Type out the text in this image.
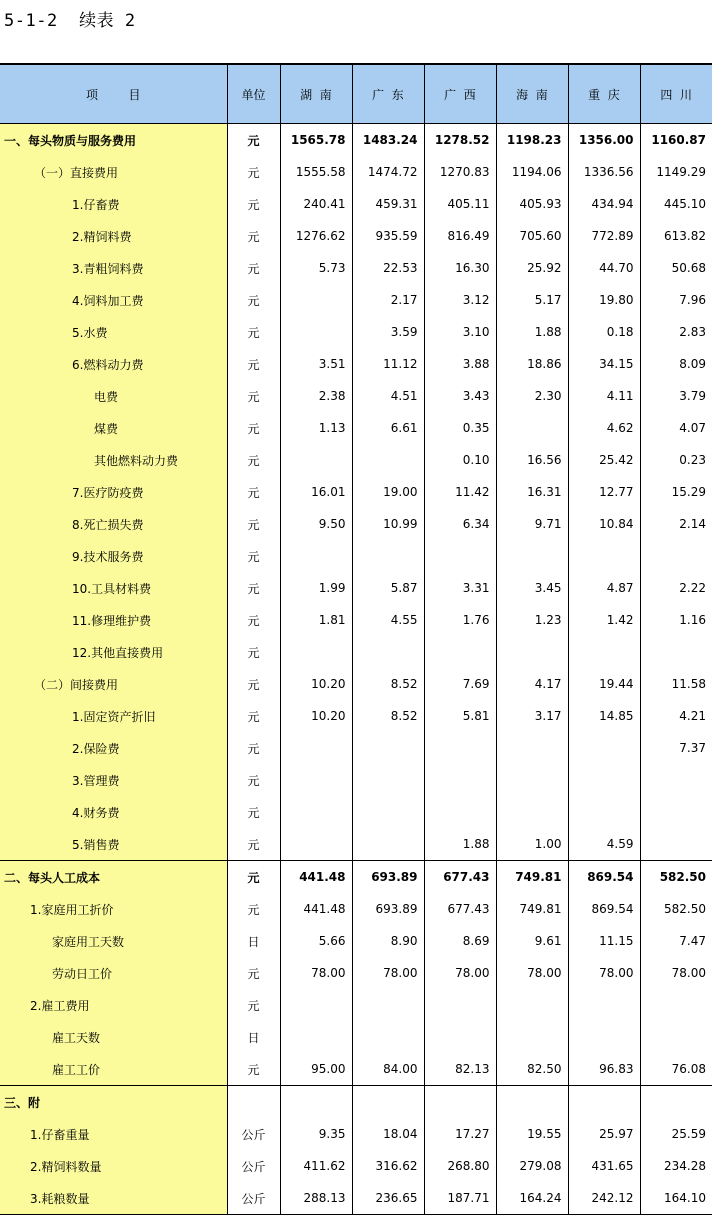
5-1-2  续表 2
项        目	单位	湖  南	广  东	广  西	海  南	重  庆	四  川
一、每头物质与服务费用	元	1565.78	1483.24	1278.52	1198.23	1356.00	1160.87
（一）直接费用	元	1555.58	1474.72	1270.83	1194.06	1336.56	1149.29
1.仔畜费	元	240.41	459.31	405.11	405.93	434.94	445.10
2.精饲料费	元	1276.62	935.59	816.49	705.60	772.89	613.82
3.青粗饲料费	元	5.73	22.53	16.30	25.92	44.70	50.68
4.饲料加工费	元		2.17	3.12	5.17	19.80	7.96
5.水费	元		3.59	3.10	1.88	0.18	2.83
6.燃料动力费	元	3.51	11.12	3.88	18.86	34.15	8.09
电费	元	2.38	4.51	3.43	2.30	4.11	3.79
煤费	元	1.13	6.61	0.35		4.62	4.07
其他燃料动力费	元			0.10	16.56	25.42	0.23
7.医疗防疫费	元	16.01	19.00	11.42	16.31	12.77	15.29
8.死亡损失费	元	9.50	10.99	6.34	9.71	10.84	2.14
9.技术服务费	元						
10.工具材料费	元	1.99	5.87	3.31	3.45	4.87	2.22
11.修理维护费	元	1.81	4.55	1.76	1.23	1.42	1.16
12.其他直接费用	元						
（二）间接费用	元	10.20	8.52	7.69	4.17	19.44	11.58
1.固定资产折旧	元	10.20	8.52	5.81	3.17	14.85	4.21
2.保险费	元						7.37
3.管理费	元						
4.财务费	元						
5.销售费	元			1.88	1.00	4.59	
二、每头人工成本	元	441.48	693.89	677.43	749.81	869.54	582.50
1.家庭用工折价	元	441.48	693.89	677.43	749.81	869.54	582.50
家庭用工天数	日	5.66	8.90	8.69	9.61	11.15	7.47
劳动日工价	元	78.00	78.00	78.00	78.00	78.00	78.00
2.雇工费用	元						
雇工天数	日						
雇工工价	元	95.00	84.00	82.13	82.50	96.83	76.08
三、附							
1.仔畜重量	公斤	9.35	18.04	17.27	19.55	25.97	25.59
2.精饲料数量	公斤	411.62	316.62	268.80	279.08	431.65	234.28
3.耗粮数量	公斤	288.13	236.65	187.71	164.24	242.12	164.10
